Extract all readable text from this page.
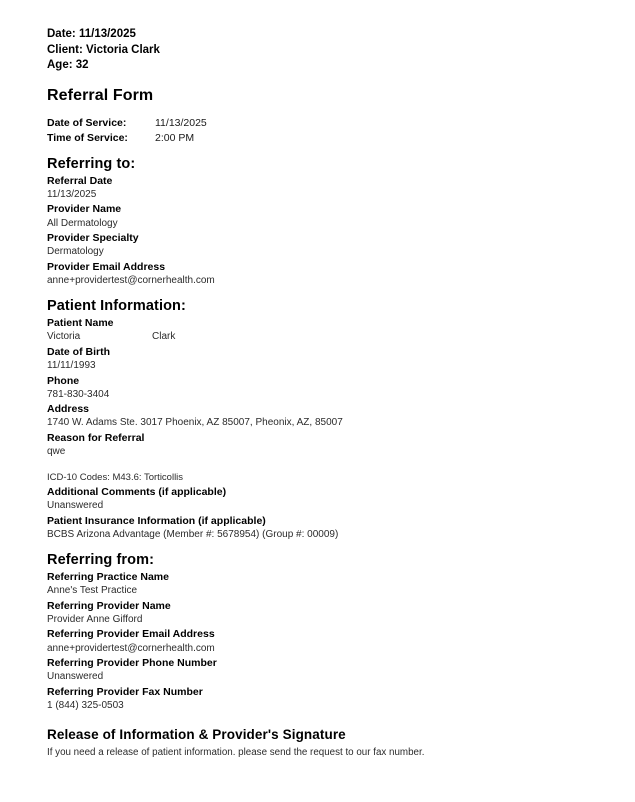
Date: 11/13/2025
Client: Victoria Clark
Age: 32
Referral Form
Date of Service:	11/13/2025
Time of Service:	2:00 PM
Referring to:
Referral Date
11/13/2025
Provider Name
All Dermatology
Provider Specialty
Dermatology
Provider Email Address
anne+providertest@cornerhealth.com
Patient Information:
Patient Name
Victoria	Clark
Date of Birth
11/11/1993
Phone
781-830-3404
Address
1740 W. Adams Ste. 3017 Phoenix, AZ 85007, Pheonix, AZ, 85007
Reason for Referral
qwe
ICD-10 Codes: M43.6: Torticollis
Additional Comments (if applicable)
Unanswered
Patient Insurance Information (if applicable)
BCBS Arizona Advantage (Member #: 5678954) (Group #: 00009)
Referring from:
Referring Practice Name
Anne's Test Practice
Referring Provider Name
Provider Anne Gifford
Referring Provider Email Address
anne+providertest@cornerhealth.com
Referring Provider Phone Number
Unanswered
Referring Provider Fax Number
1 (844) 325-0503
Release of Information & Provider's Signature
If you need a release of patient information. please send the request to our fax number.
